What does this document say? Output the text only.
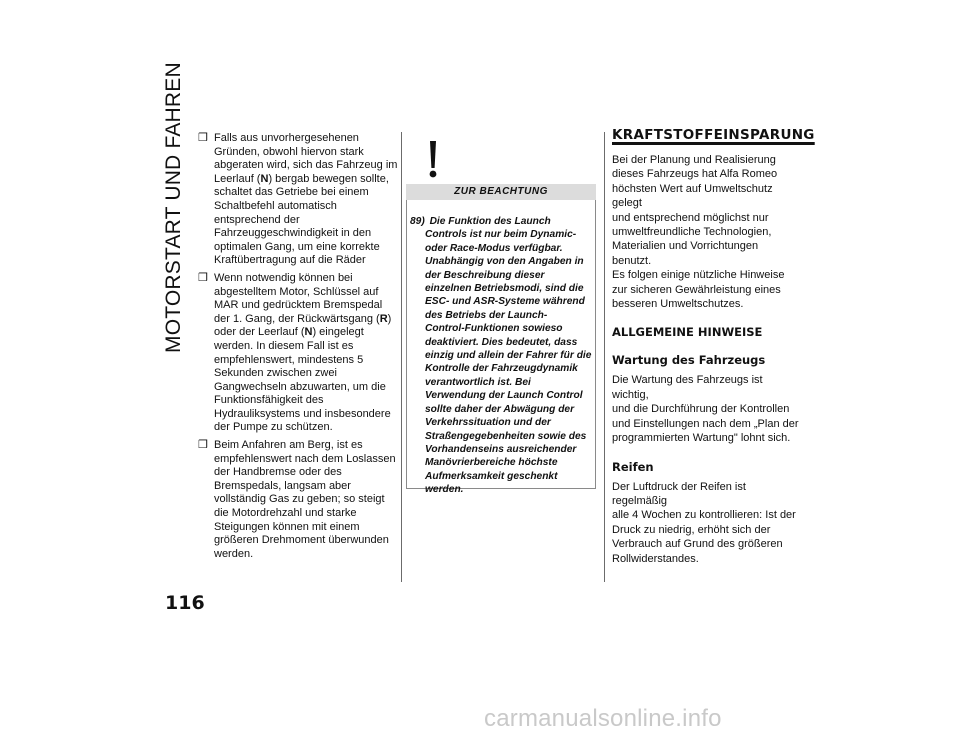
MOTORSTART UND FAHREN
116
❒ Falls aus unvorhergesehenen
Gründen, obwohl hiervon stark
abgeraten wird, sich das Fahrzeug im
Leerlauf (N) bergab bewegen sollte,
schaltet das Getriebe bei einem
Schaltbefehl automatisch
entsprechend der
Fahrzeuggeschwindigkeit in den
optimalen Gang, um eine korrekte
Kraftübertragung auf die Räder
❒ Wenn notwendig können bei
abgestelltem Motor, Schlüssel auf
MAR und gedrücktem Bremspedal
der 1. Gang, der Rückwärtsgang (R)
oder der Leerlauf (N) eingelegt
werden. In diesem Fall ist es
empfehlenswert, mindestens 5
Sekunden zwischen zwei
Gangwechseln abzuwarten, um die
Funktionsfähigkeit des
Hydrauliksystems und insbesondere
der Pumpe zu schützen.
❒ Beim Anfahren am Berg, ist es
empfehlenswert nach dem Loslassen
der Handbremse oder des
Bremspedals, langsam aber
vollständig Gas zu geben; so steigt
die Motordrehzahl und starke
Steigungen können mit einem
größeren Drehmoment überwunden
werden.
ZUR BEACHTUNG
89) Die Funktion des Launch
Controls ist nur beim Dynamic-
oder Race-Modus verfügbar.
Unabhängig von den Angaben in
der Beschreibung dieser
einzelnen Betriebsmodi, sind die
ESC- und ASR-Systeme während
des Betriebs der Launch-
Control-Funktionen sowieso
deaktiviert. Dies bedeutet, dass
einzig und allein der Fahrer für die
Kontrolle der Fahrzeugdynamik
verantwortlich ist. Bei
Verwendung der Launch Control
sollte daher der Abwägung der
Verkehrssituation und der
Straßengegebenheiten sowie des
Vorhandenseins ausreichender
Manövrierbereiche höchste
Aufmerksamkeit geschenkt
werden.
KRAFTSTOFFEINSPARUNG

Bei der Planung und Realisierung
dieses Fahrzeugs hat Alfa Romeo
höchsten Wert auf Umweltschutz gelegt
und entsprechend möglichst nur
umweltfreundliche Technologien,
Materialien und Vorrichtungen benutzt.
Es folgen einige nützliche Hinweise
zur sicheren Gewährleistung eines
besseren Umweltschutzes.

ALLGEMEINE HINWEISE
Wartung des Fahrzeugs

Die Wartung des Fahrzeugs ist wichtig,
und die Durchführung der Kontrollen
und Einstellungen nach dem „Plan der
programmierten Wartung" lohnt sich.

Reifen

Der Luftdruck der Reifen ist regelmäßig
alle 4 Wochen zu kontrollieren: Ist der
Druck zu niedrig, erhöht sich der
Verbrauch auf Grund des größeren
Rollwiderstandes.

carmanualsonline.info
